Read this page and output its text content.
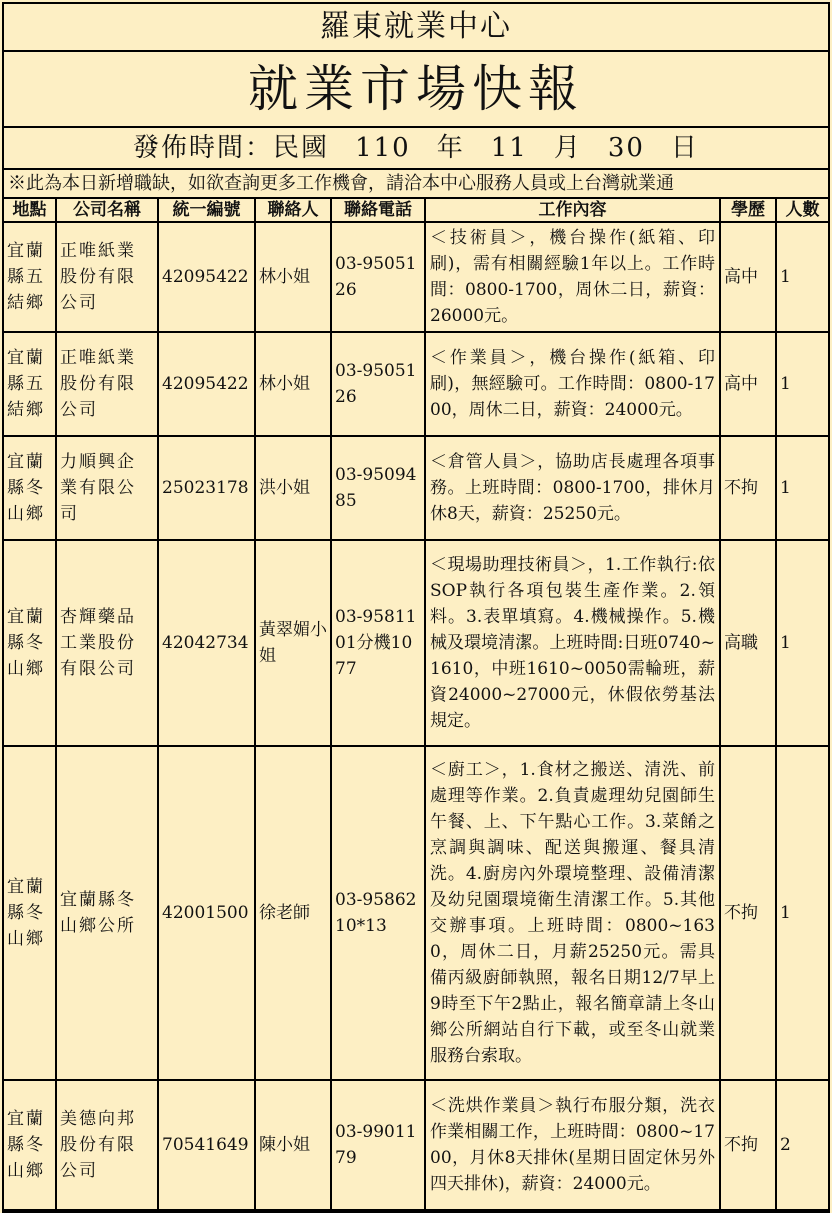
羅東就業中心
就業市場快報
發佈時間：民國 110 年 11 月 30 日
※此為本日新增職缺，如欲查詢更多工作機會，請洽本中心服務人員或上台灣就業通
地點	公司名稱	統一編號	聯絡人	聯絡電話	工作內容	學歷	人數
宜蘭縣五結鄉	正唯紙業股份有限公司	42095422	林小姐	03-9505126	＜技術員＞，機台操作(紙箱、印刷)，需有相關經驗1年以上。工作時間：0800-1700，周休二日，薪資：26000元。	高中	1
宜蘭縣五結鄉	正唯紙業股份有限公司	42095422	林小姐	03-9505126	＜作業員＞，機台操作(紙箱、印刷)，無經驗可。工作時間：0800-1700，周休二日，薪資：24000元。	高中	1
宜蘭縣冬山鄉	力順興企業有限公司	25023178	洪小姐	03-9509485	＜倉管人員＞，協助店長處理各項事務。上班時間：0800-1700，排休月休8天，薪資：25250元。	不拘	1
宜蘭縣冬山鄉	杏輝藥品工業股份有限公司	42042734	黃翠媚小姐	03-9581101分機1077	＜現場助理技術員＞，1.工作執行:依SOP執行各項包裝生產作業。2.領料。3.表單填寫。4.機械操作。5.機械及環境清潔。上班時間:日班0740~1610，中班1610~0050需輪班，薪資24000~27000元，休假依勞基法規定。	高職	1
宜蘭縣冬山鄉	宜蘭縣冬山鄉公所	42001500	徐老師	03-9586210*13	＜廚工＞，1.食材之搬送、清洗、前處理等作業。2.負責處理幼兒園師生午餐、上、下午點心工作。3.菜餚之烹調與調味、配送與搬運、餐具清洗。4.廚房內外環境整理、設備清潔及幼兒園環境衛生清潔工作。5.其他交辦事項。上班時間：0800~1630，周休二日，月薪25250元。需具備丙級廚師執照，報名日期12/7早上9時至下午2點止，報名簡章請上冬山鄉公所網站自行下載，或至冬山就業服務台索取。	不拘	1
宜蘭縣冬山鄉	美德向邦股份有限公司	70541649	陳小姐	03-9901179	＜洗烘作業員＞執行布服分類，洗衣作業相關工作，上班時間：0800~1700，月休8天排休(星期日固定休另外四天排休)，薪資：24000元。	不拘	2
